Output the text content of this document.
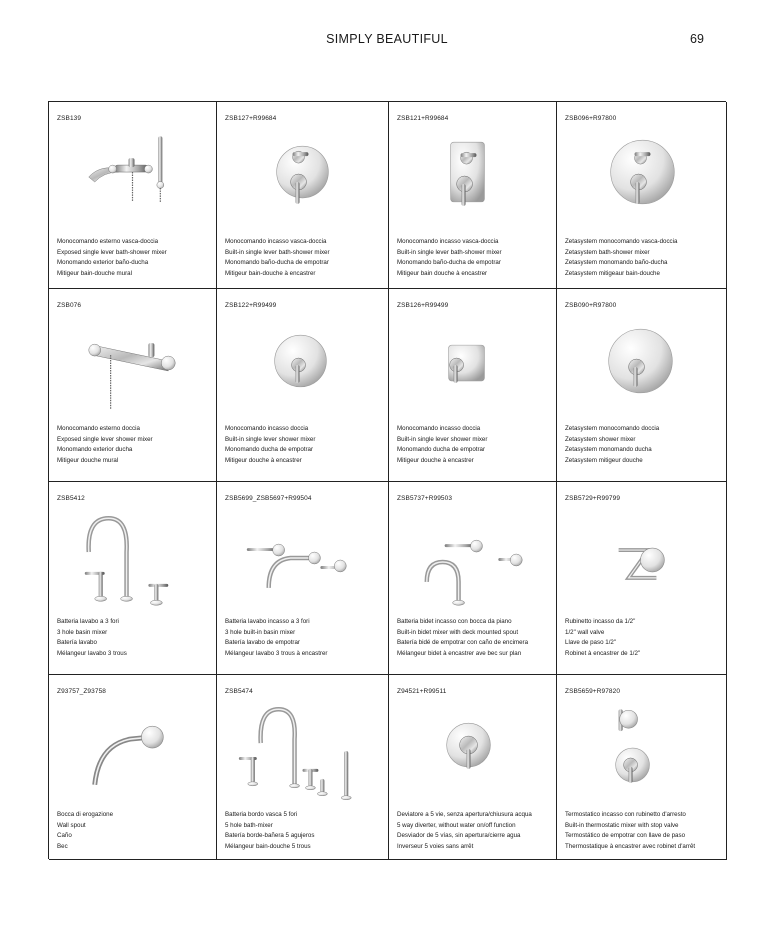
SIMPLY BEAUTIFUL	69
ZSB139
Monocomando esterno vasca-doccia
Exposed single lever bath-shower mixer
Monomando exterior baño-ducha
Mitigeur bain-douche mural
ZSB127+R99684
Monocomando incasso vasca-doccia
Built-in single lever bath-shower mixer
Monomando baño-ducha de empotrar
Mitigeur bain-douche à encastrer
ZSB121+R99684
Monocomando incasso vasca-doccia
Built-in single lever bath-shower mixer
Monomando baño-ducha de empotrar
Mitigeur bain douche à encastrer
ZSB096+R97800
Zetasystem monocomando vasca-doccia
Zetasystem bath-shower mixer
Zetasystem monomando baño-ducha
Zetasystem mitigeaur bain-douche
ZSB076
Monocomando esterno doccia
Exposed single lever shower mixer
Monomando exterior ducha
Mitigeur douche mural
ZSB122+R99499
Monocomando incasso doccia
Built-in single lever shower mixer
Monomando ducha de empotrar
Mitigeur douche à encastrer
ZSB126+R99499
Monocomando incasso doccia
Built-in single lever shower mixer
Monomando ducha de empotrar
Mitigeur douche à encastrer
ZSB090+R97800
Zetasystem monocomando doccia
Zetasystem shower mixer
Zetasystem monomando ducha
Zetasystem mitigeur douche
ZSB5412
Batteria lavabo a 3 fori
3 hole basin mixer
Batería lavabo
Mélangeur lavabo 3 trous
ZSB5699_ZSB5697+R99504
Batteria lavabo incasso a 3 fori
3 hole built-in basin mixer
Batería lavabo de empotrar
Mélangeur lavabo 3 trous à encastrer
ZSB5737+R99503
Batteria bidet incasso con bocca da piano
Built-in bidet mixer with deck mounted spout
Batería bidé de empotrar con caño de encimera
Mélangeur bidet à encastrer ave bec sur plan
ZSB5729+R99799
Rubinetto incasso da 1/2"
1/2" wall valve
Llave de paso 1/2"
Robinet à encastrer de 1/2"
Z93757_Z93758
Bocca di erogazione
Wall spout
Caño
Bec
ZSB5474
Batteria bordo vasca 5 fori
5 hole bath-mixer
Batería borde-bañera 5 agujeros
Mélangeur bain-douche 5 trous
Z94521+R99511
Deviatore a 5 vie, senza apertura/chiusura acqua
5 way diverter, without water on/off function
Desviador de 5 vías, sin apertura/cierre agua
Inverseur 5 voies sans arrêt
ZSB5659+R97820
Termostatico incasso con rubinetto d'arresto
Built-in thermostatic mixer with stop valve
Termostático de empotrar con llave de paso
Thermostatique à encastrer avec robinet d'arrêt
